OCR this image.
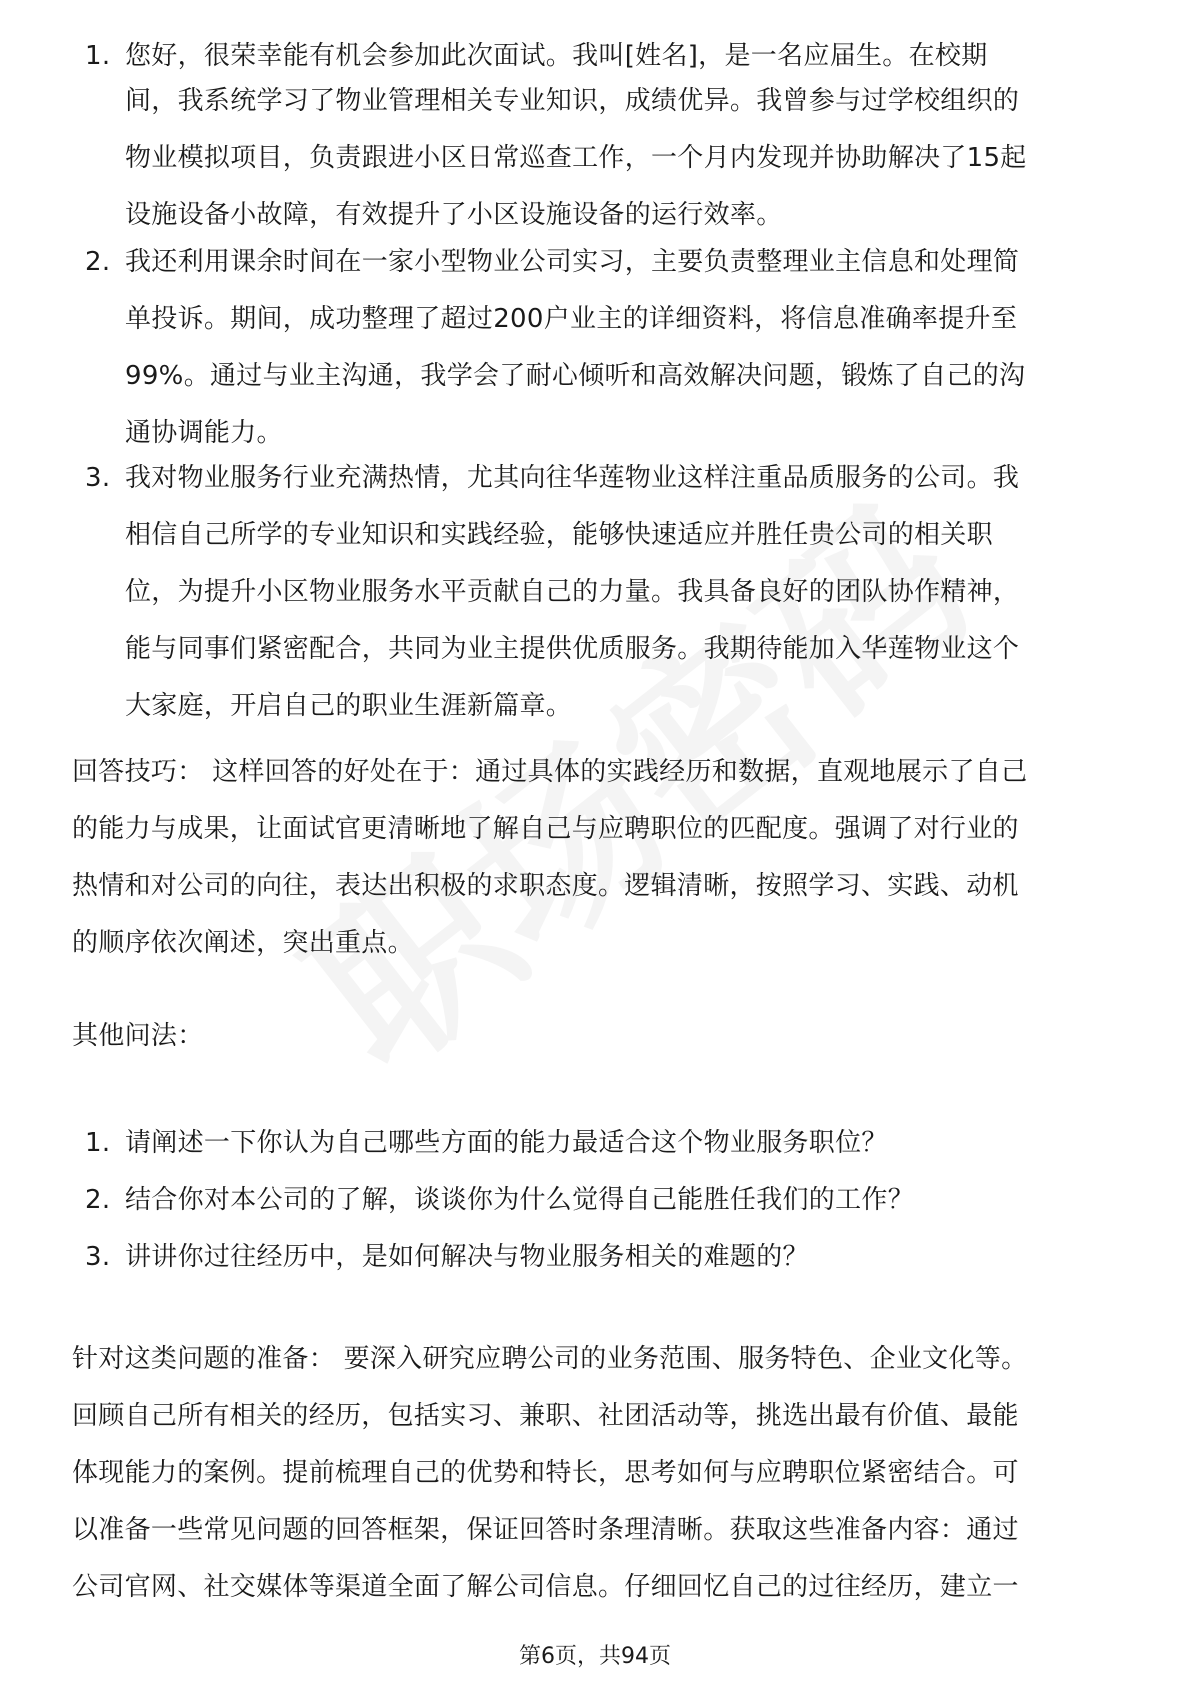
1. 您好，很荣幸能有机会参加此次面试。我叫[姓名]，是一名应届生。在校期
间，我系统学习了物业管理相关专业知识，成绩优异。我曾参与过学校组织的
物业模拟项目，负责跟进小区日常巡查工作，一个月内发现并协助解决了15起
设施设备小故障，有效提升了小区设施设备的运行效率。
2. 我还利用课余时间在一家小型物业公司实习，主要负责整理业主信息和处理简
单投诉。期间，成功整理了超过200户业主的详细资料，将信息准确率提升至
99%。通过与业主沟通，我学会了耐心倾听和高效解决问题，锻炼了自己的沟
通协调能力。
3. 我对物业服务行业充满热情，尤其向往华莲物业这样注重品质服务的公司。我
相信自己所学的专业知识和实践经验，能够快速适应并胜任贵公司的相关职
位，为提升小区物业服务水平贡献自己的力量。我具备良好的团队协作精神，
能与同事们紧密配合，共同为业主提供优质服务。我期待能加入华莲物业这个
大家庭，开启自己的职业生涯新篇章。
回答技巧： 这样回答的好处在于：通过具体的实践经历和数据，直观地展示了自己
的能力与成果，让面试官更清晰地了解自己与应聘职位的匹配度。强调了对行业的
热情和对公司的向往，表达出积极的求职态度。逻辑清晰，按照学习、实践、动机
的顺序依次阐述，突出重点。
其他问法：
1. 请阐述一下你认为自己哪些方面的能力最适合这个物业服务职位？
2. 结合你对本公司的了解，谈谈你为什么觉得自己能胜任我们的工作？
3. 讲讲你过往经历中，是如何解决与物业服务相关的难题的？
针对这类问题的准备： 要深入研究应聘公司的业务范围、服务特色、企业文化等。
回顾自己所有相关的经历，包括实习、兼职、社团活动等，挑选出最有价值、最能
体现能力的案例。提前梳理自己的优势和特长，思考如何与应聘职位紧密结合。可
以准备一些常见问题的回答框架，保证回答时条理清晰。获取这些准备内容：通过
公司官网、社交媒体等渠道全面了解公司信息。仔细回忆自己的过往经历，建立一
第6页，共94页
